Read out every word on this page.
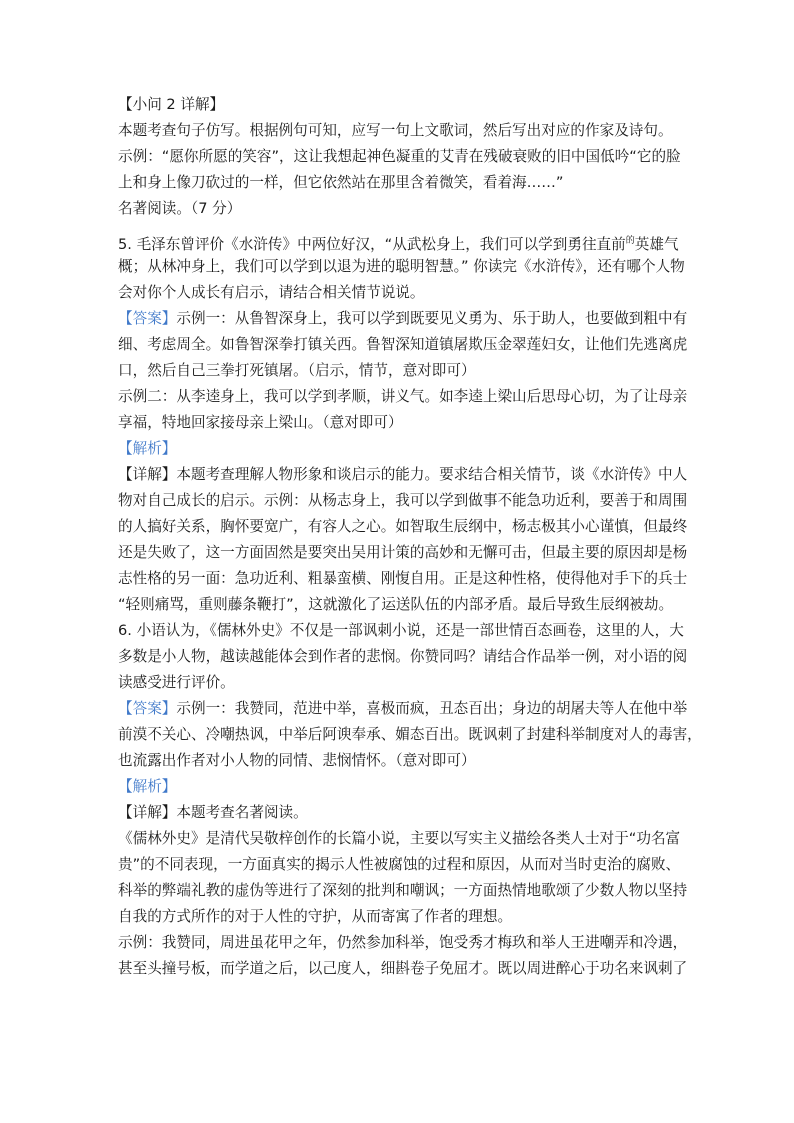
【小问 2 详解】
本题考查句子仿写。根据例句可知，应写一句上文歌词，然后写出对应的作家及诗句。
示例：“愿你所愿的笑容”，这让我想起神色凝重的艾青在残破衰败的旧中国低吟“它的脸
上和身上像刀砍过的一样，但它依然站在那里含着微笑，看着海……”
名著阅读。（7 分）
5. 毛泽东曾评价《水浒传》中两位好汉，“从武松身上，我们可以学到勇往直前$^的$英雄气
概；从林冲身上，我们可以学到以退为进的聪明智慧。” 你读完《水浒传》，还有哪个人物
会对你个人成长有启示，请结合相关情节说说。
【答案】示例一：从鲁智深身上，我可以学到既要见义勇为、乐于助人，也要做到粗中有
细、考虑周全。如鲁智深拳打镇关西。鲁智深知道镇屠欺压金翠莲妇女，让他们先逃离虎
口，然后自己三拳打死镇屠。（启示，情节，意对即可）
示例二：从李逵身上，我可以学到孝顺，讲义气。如李逵上梁山后思母心切，为了让母亲
享福，特地回家接母亲上梁山。（意对即可）
【解析】
【详解】本题考查理解人物形象和谈启示的能力。要求结合相关情节，谈《水浒传》中人
物对自己成长的启示。示例：从杨志身上，我可以学到做事不能急功近利，要善于和周围
的人搞好关系，胸怀要宽广，有容人之心。如智取生辰纲中，杨志极其小心谨慎，但最终
还是失败了，这一方面固然是要突出吴用计策的高妙和无懈可击，但最主要的原因却是杨
志性格的另一面：急功近利、粗暴蛮横、刚愎自用。正是这种性格，使得他对手下的兵士
“轻则痛骂，重则藤条鞭打”，这就激化了运送队伍的内部矛盾。最后导致生辰纲被劫。
6. 小语认为，《儒林外史》不仅是一部讽刺小说，还是一部世情百态画卷，这里的人，大
多数是小人物，越读越能体会到作者的悲悯。你赞同吗？请结合作品举一例，对小语的阅
读感受进行评价。
【答案】示例一：我赞同，范进中举，喜极而疯，丑态百出；身边的胡屠夫等人在他中举
前漠不关心、冷嘲热讽，中举后阿谀奉承、媚态百出。既讽刺了封建科举制度对人的毒害，
也流露出作者对小人物的同情、悲悯情怀。（意对即可）
【解析】
【详解】本题考查名著阅读。
《儒林外史》是清代吴敬梓创作的长篇小说，主要以写实主义描绘各类人士对于“功名富
贵”的不同表现，一方面真实的揭示人性被腐蚀的过程和原因，从而对当时吏治的腐败、
科举的弊端礼教的虚伪等进行了深刻的批判和嘲讽；一方面热情地歌颂了少数人物以坚持
自我的方式所作的对于人性的守护，从而寄寓了作者的理想。
示例：我赞同，周进虽花甲之年，仍然参加科举，饱受秀才梅玖和举人王进嘲弄和冷遇，
甚至头撞号板，而学道之后，以己度人，细斟卷子免屈才。既以周进醉心于功名来讽刺了
